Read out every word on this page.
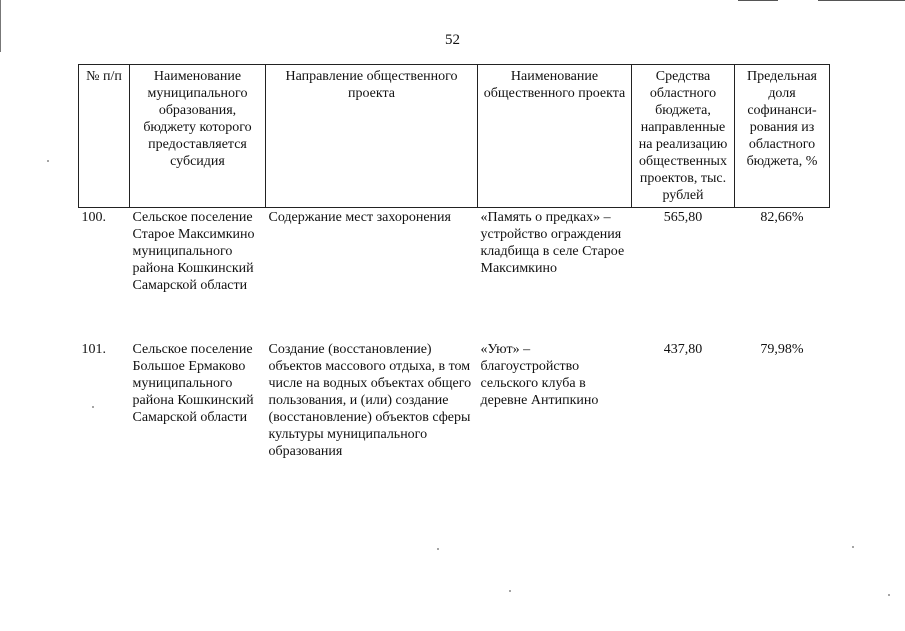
52
№ п/п	Наименование муниципального образования, бюджету которого предоставляется субсидия	Направление общественного проекта	Наименование общественного проекта	Средства областного бюджета, направленные на реализацию общественных проектов, тыс. рублей	Предельная доля софинанси-рования из областного бюджета, %
100.	Сельское поселение Старое Максимкино муниципального района Кошкинский Самарской области	Содержание мест захоронения	«Память о предках» – устройство ограждения кладбища в селе Старое Максимкино	565,80	82,66%
101.	Сельское поселение Большое Ермаково муниципального района Кошкинский Самарской области	Создание (восстановление) объектов массового отдыха, в том числе на водных объектах общего пользования, и (или) создание (восстановление) объектов сферы культуры муниципального образования	«Уют» – благоустройство сельского клуба в деревне Антипкино	437,80	79,98%
